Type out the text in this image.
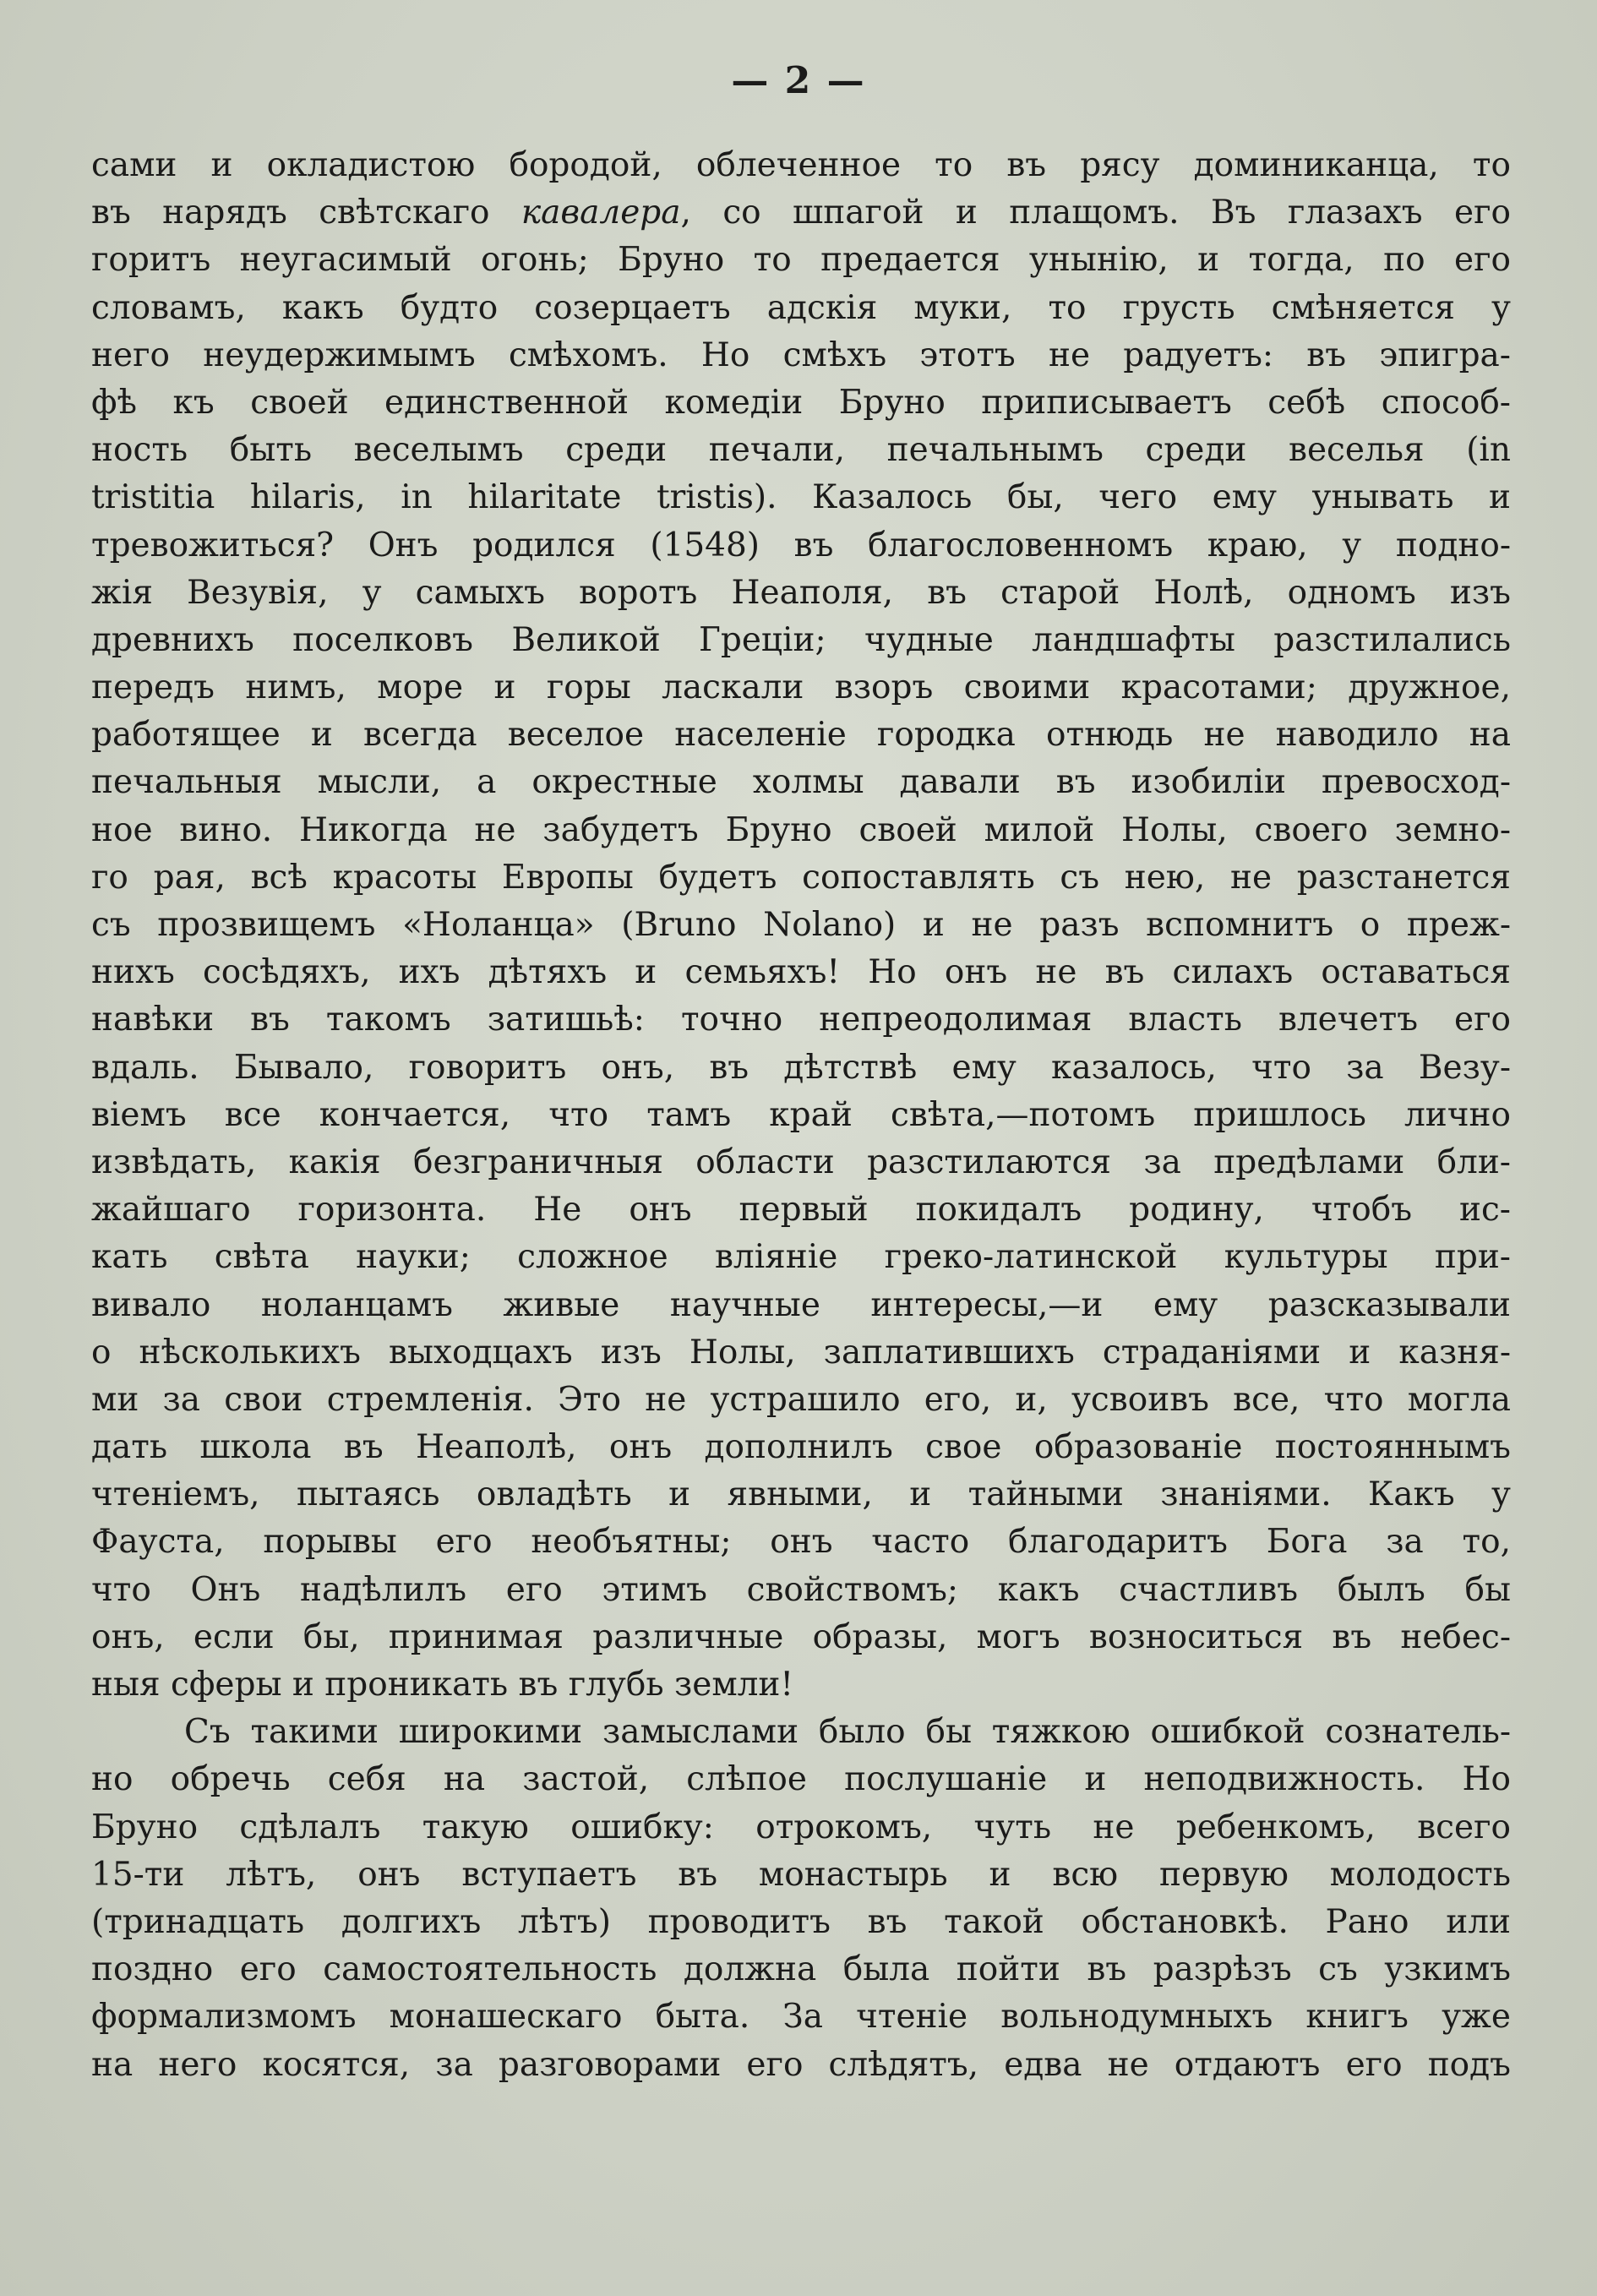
— 2 —
сами и окладистою бородой, облеченное то въ рясу доминиканца, то
въ нарядъ свѣтскаго кавалера, со шпагой и плащомъ. Въ глазахъ его
горитъ неугасимый огонь; Бруно то предается унынію, и тогда, по его
словамъ, какъ будто созерцаетъ адскія муки, то грусть смѣняется у
него неудержимымъ смѣхомъ. Но смѣхъ этотъ не радуетъ: въ эпигра-
фѣ къ своей единственной комедіи Бруно приписываетъ себѣ способ-
ность быть веселымъ среди печали, печальнымъ среди веселья (in
tristitia hilaris, in hilaritate tristis). Казалось бы, чего ему унывать и
тревожиться? Онъ родился (1548) въ благословенномъ краю, у подно-
жія Везувія, у самыхъ воротъ Неаполя, въ старой Нолѣ, одномъ изъ
древнихъ поселковъ Великой Греціи; чудные ландшафты разстилались
передъ нимъ, море и горы ласкали взоръ своими красотами; дружное,
работящее и всегда веселое населеніе городка отнюдь не наводило на
печальныя мысли, а окрестные холмы давали въ изобиліи превосход-
ное вино. Никогда не забудетъ Бруно своей милой Нолы, своего земно-
го рая, всѣ красоты Европы будетъ сопоставлять съ нею, не разстанется
съ прозвищемъ «Ноланца» (Bruno Nolano) и не разъ вспомнитъ о преж-
нихъ сосѣдяхъ, ихъ дѣтяхъ и семьяхъ! Но онъ не въ силахъ оставаться
навѣки въ такомъ затишьѣ: точно непреодолимая власть влечетъ его
вдаль. Бывало, говоритъ онъ, въ дѣтствѣ ему казалось, что за Везу-
віемъ все кончается, что тамъ край свѣта,—потомъ пришлось лично
извѣдать, какія безграничныя области разстилаются за предѣлами бли-
жайшаго горизонта. Не онъ первый покидалъ родину, чтобъ ис-
кать свѣта науки; сложное вліяніе греко-латинской культуры при-
вивало ноланцамъ живые научные интересы,—и ему разсказывали
о нѣсколькихъ выходцахъ изъ Нолы, заплатившихъ страданіями и казня-
ми за свои стремленія. Это не устрашило его, и, усвоивъ все, что могла
дать школа въ Неаполѣ, онъ дополнилъ свое образованіе постояннымъ
чтеніемъ, пытаясь овладѣть и явными, и тайными знаніями. Какъ у
Фауста, порывы его необъятны; онъ часто благодаритъ Бога за то,
что Онъ надѣлилъ его этимъ свойствомъ; какъ счастливъ былъ бы
онъ, если бы, принимая различные образы, могъ возноситься въ небес-
ныя сферы и проникать въ глубь земли!
Съ такими широкими замыслами было бы тяжкою ошибкой сознатель-
но обречь себя на застой, слѣпое послушаніе и неподвижность. Но
Бруно сдѣлалъ такую ошибку: отрокомъ, чуть не ребенкомъ, всего
15-ти лѣтъ, онъ вступаетъ въ монастырь и всю первую молодость
(тринадцать долгихъ лѣтъ) проводитъ въ такой обстановкѣ. Рано или
поздно его самостоятельность должна была пойти въ разрѣзъ съ узкимъ
формализмомъ монашескаго быта. За чтеніе вольнодумныхъ книгъ уже
на него косятся, за разговорами его слѣдятъ, едва не отдаютъ его подъ
